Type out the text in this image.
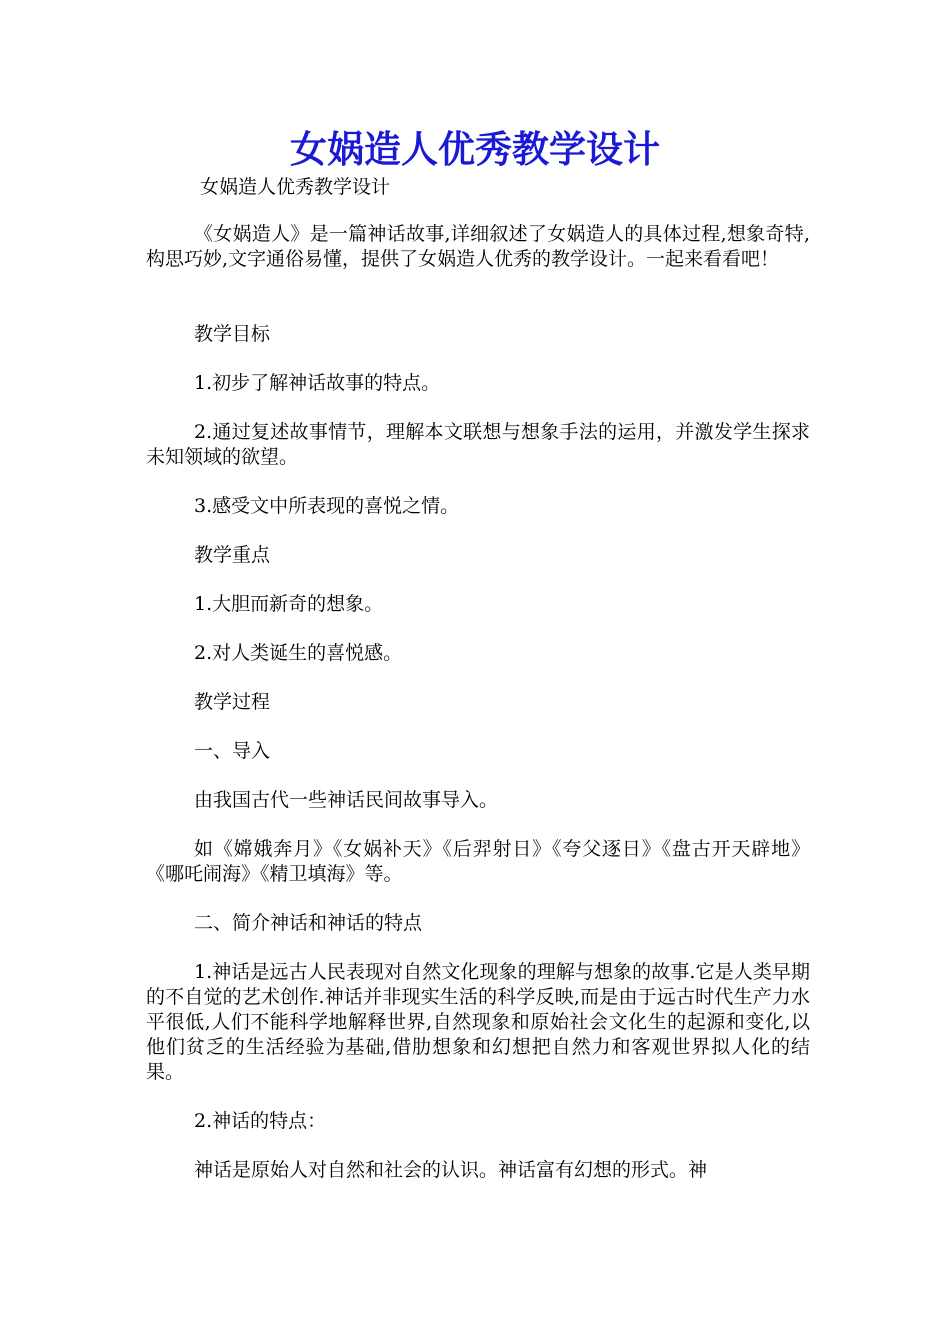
女娲造人优秀教学设计
女娲造人优秀教学设计

《女娲造人》是一篇神话故事,详细叙述了女娲造人的具体过程,想象奇特,构思巧妙,文字通俗易懂，提供了女娲造人优秀的教学设计。一起来看看吧！

教学目标

1.初步了解神话故事的特点。

2.通过复述故事情节，理解本文联想与想象手法的运用，并激发学生探求未知领域的欲望。

3.感受文中所表现的喜悦之情。

教学重点

1.大胆而新奇的想象。

2.对人类诞生的喜悦感。

教学过程

一、导入

由我国古代一些神话民间故事导入。

如《嫦娥奔月》《女娲补天》《后羿射日》《夸父逐日》《盘古开天辟地》《哪吒闹海》《精卫填海》等。

二、简介神话和神话的特点

1.神话是远古人民表现对自然文化现象的理解与想象的故事.它是人类早期的不自觉的艺术创作.神话并非现实生活的科学反映,而是由于远古时代生产力水平很低,人们不能科学地解释世界,自然现象和原始社会文化生的起源和变化,以他们贫乏的生活经验为基础,借肋想象和幻想把自然力和客观世界拟人化的结果。

2.神话的特点：

神话是原始人对自然和社会的认识。神话富有幻想的形式。神
